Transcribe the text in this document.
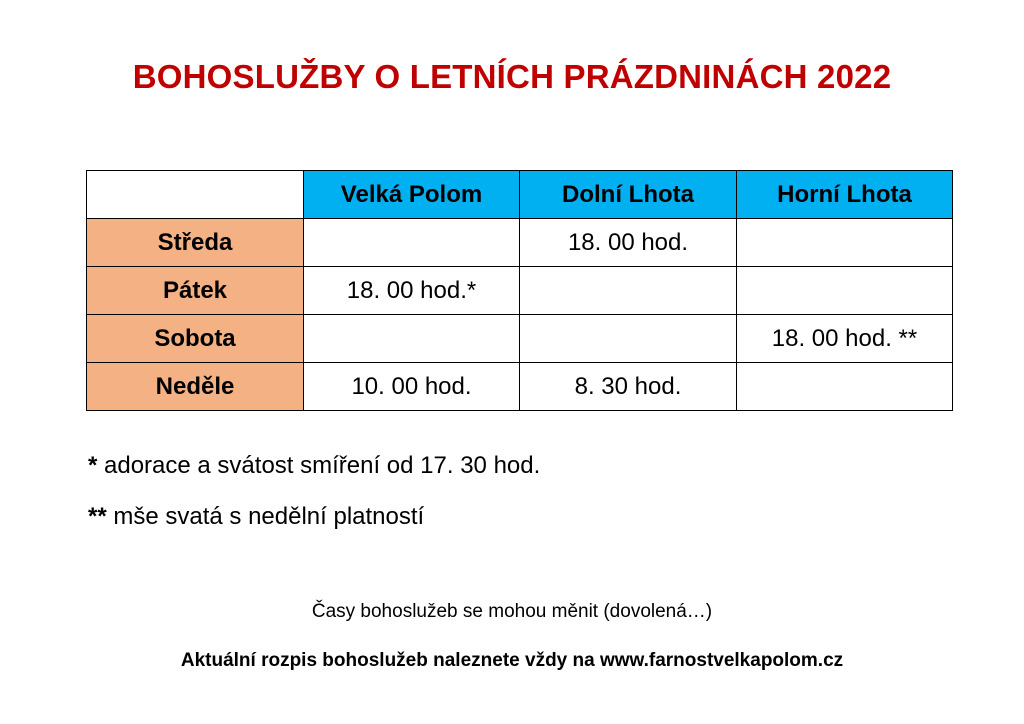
BOHOSLUŽBY O LETNÍCH PRÁZDNINÁCH 2022
	Velká Polom	Dolní Lhota	Horní Lhota
Středa		18. 00 hod.	
Pátek	18. 00 hod.*		
Sobota			18. 00 hod. **
Neděle	10. 00 hod.	8. 30 hod.	
* adorace a svátost smíření od 17. 30 hod.
** mše svatá s nedělní platností
Časy bohoslužeb se mohou měnit (dovolená…)
Aktuální rozpis bohoslužeb naleznete vždy na www.farnostvelkapolom.cz
